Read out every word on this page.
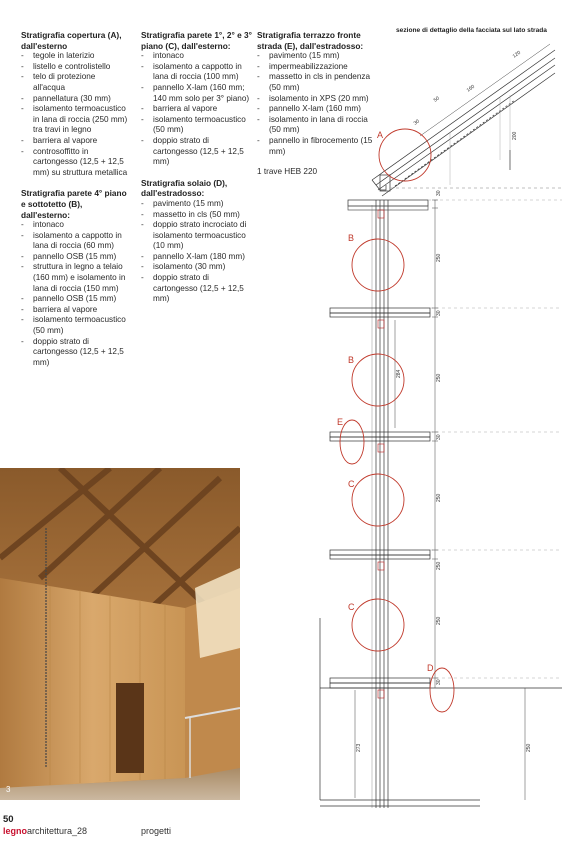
Stratigrafia copertura (A), dall'esterno
- tegole in laterizio
- listello e controlistello
- telo di protezione all'acqua
- pannellatura (30 mm)
- isolamento termoacustico in lana di roccia (250 mm) tra travi in legno
- barriera al vapore
- controsoffitto in cartongesso (12,5 + 12,5 mm) su struttura metallica
Stratigrafia parete 4° piano e sottotetto (B), dall'esterno:
- intonaco
- isolamento a cappotto in lana di roccia (60 mm)
- pannello OSB (15 mm)
- struttura in legno a telaio (160 mm) e isolamento in lana di roccia (150 mm)
- pannello OSB (15 mm)
- barriera al vapore
- isolamento termoacustico (50 mm)
- doppio strato di cartongesso (12,5 + 12,5 mm)
Stratigrafia parete 1°, 2° e 3° piano (C), dall'esterno:
- intonaco
- isolamento a cappotto in lana di roccia (100 mm)
- pannello X-lam (160 mm; 140 mm solo per 3° piano)
- barriera al vapore
- isolamento termoacustico (50 mm)
- doppio strato di cartongesso (12,5 + 12,5 mm)
Stratigrafia solaio (D), dall'estradosso:
- pavimento (15 mm)
- massetto in cls (50 mm)
- doppio strato incrociato di isolamento termoacustico (10 mm)
- pannello X-lam (180 mm)
- isolamento (30 mm)
- doppio strato di cartongesso (12,5 + 12,5 mm)
Stratigrafia terrazzo fronte strada (E), dall'estradosso:
- pavimento (15 mm)
- impermeabilizzazione
- massetto in cls in pendenza (50 mm)
- isolamento in XPS (20 mm)
- pannello X-lam (160 mm)
- isolamento in lana di roccia (50 mm)
- pannello in fibrocemento (15 mm)
1 trave HEB 220
sezione di dettaglio della facciata sul lato strada
A
B
B
E
C
C
D
120
160
50
30
200
30
250
30
284	250
30
250
250
30
250
273	250
3
50
legnoarchitettura_28	progetti
